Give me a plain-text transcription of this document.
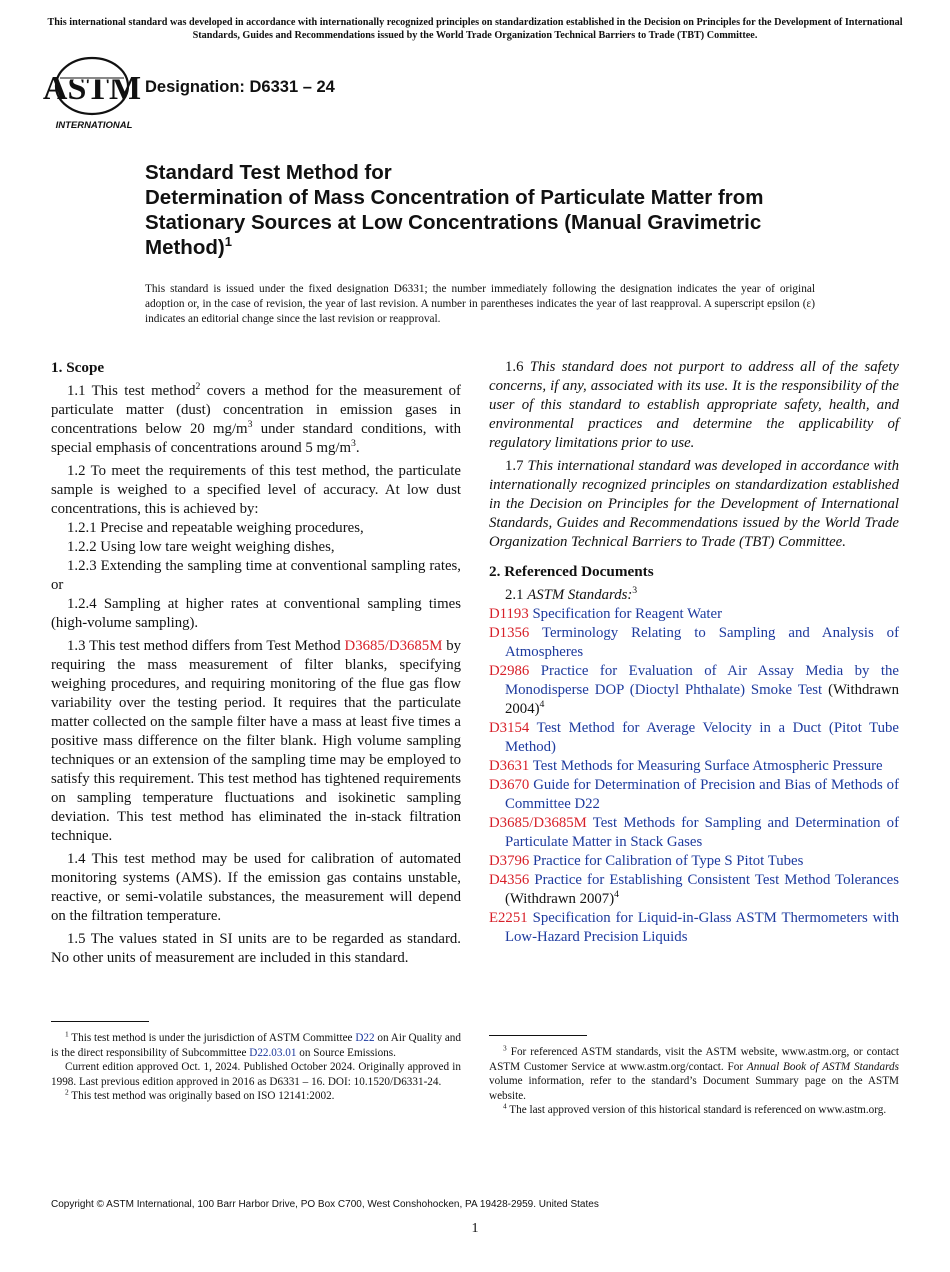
This international standard was developed in accordance with internationally recognized principles on standardization established in the Decision on Principles for the Development of International Standards, Guides and Recommendations issued by the World Trade Organization Technical Barriers to Trade (TBT) Committee.

ASTM
INTERNATIONAL

Designation: D6331 – 24

Standard Test Method for
Determination of Mass Concentration of Particulate Matter from Stationary Sources at Low Concentrations (Manual Gravimetric Method)$^1$

This standard is issued under the fixed designation D6331; the number immediately following the designation indicates the year of original adoption or, in the case of revision, the year of last revision. A number in parentheses indicates the year of last reapproval. A superscript epsilon (ε) indicates an editorial change since the last revision or reapproval.

1. Scope

1.1 This test method$^2$ covers a method for the measurement of particulate matter (dust) concentration in emission gases in concentrations below 20 $mg/m^3$ under standard conditions, with special emphasis of concentrations around 5 $mg/m^3$.

1.2 To meet the requirements of this test method, the particulate sample is weighed to a specified level of accuracy. At low dust concentrations, this is achieved by:

1.2.1 Precise and repeatable weighing procedures,

1.2.2 Using low tare weight weighing dishes,

1.2.3 Extending the sampling time at conventional sampling rates, or

1.2.4 Sampling at higher rates at conventional sampling times (high-volume sampling).

1.3 This test method differs from Test Method D3685/D3685M by requiring the mass measurement of filter blanks, specifying weighing procedures, and requiring monitoring of the flue gas flow variability over the testing period. It requires that the particulate matter collected on the sample filter have a mass at least five times a positive mass difference on the filter blank. High volume sampling techniques or an extension of the sampling time may be employed to satisfy this requirement. This test method has tightened requirements on sampling temperature fluctuations and isokinetic sampling deviation. This test method has eliminated the in-stack filtration technique.

1.4 This test method may be used for calibration of automated monitoring systems (AMS). If the emission gas contains unstable, reactive, or semi-volatile substances, the measurement will depend on the filtration temperature.

1.5 The values stated in SI units are to be regarded as standard. No other units of measurement are included in this standard.

1.6 This standard does not purport to address all of the safety concerns, if any, associated with its use. It is the responsibility of the user of this standard to establish appropriate safety, health, and environmental practices and determine the applicability of regulatory limitations prior to use.

1.7 This international standard was developed in accordance with internationally recognized principles on standardization established in the Decision on Principles for the Development of International Standards, Guides and Recommendations issued by the World Trade Organization Technical Barriers to Trade (TBT) Committee.

2. Referenced Documents

2.1 ASTM Standards:$^3$

D1193 Specification for Reagent Water

D1356 Terminology Relating to Sampling and Analysis of Atmospheres

D2986 Practice for Evaluation of Air Assay Media by the Monodisperse DOP (Dioctyl Phthalate) Smoke Test (Withdrawn 2004)$^4$

D3154 Test Method for Average Velocity in a Duct (Pitot Tube Method)

D3631 Test Methods for Measuring Surface Atmospheric Pressure

D3670 Guide for Determination of Precision and Bias of Methods of Committee D22

D3685/D3685M Test Methods for Sampling and Determination of Particulate Matter in Stack Gases

D3796 Practice for Calibration of Type S Pitot Tubes

D4356 Practice for Establishing Consistent Test Method Tolerances (Withdrawn 2007)$^4$

E2251 Specification for Liquid-in-Glass ASTM Thermometers with Low-Hazard Precision Liquids

$^1$ This test method is under the jurisdiction of ASTM Committee D22 on Air Quality and is the direct responsibility of Subcommittee D22.03.01 on Source Emissions.

Current edition approved Oct. 1, 2024. Published October 2024. Originally approved in 1998. Last previous edition approved in 2016 as D6331 – 16. DOI: 10.1520/D6331-24.

$^2$ This test method was originally based on ISO 12141:2002.

$^3$ For referenced ASTM standards, visit the ASTM website, www.astm.org, or contact ASTM Customer Service at www.astm.org/contact. For Annual Book of ASTM Standards volume information, refer to the standard’s Document Summary page on the ASTM website.

$^4$ The last approved version of this historical standard is referenced on www.astm.org.

Copyright © ASTM International, 100 Barr Harbor Drive, PO Box C700, West Conshohocken, PA 19428-2959. United States

1
